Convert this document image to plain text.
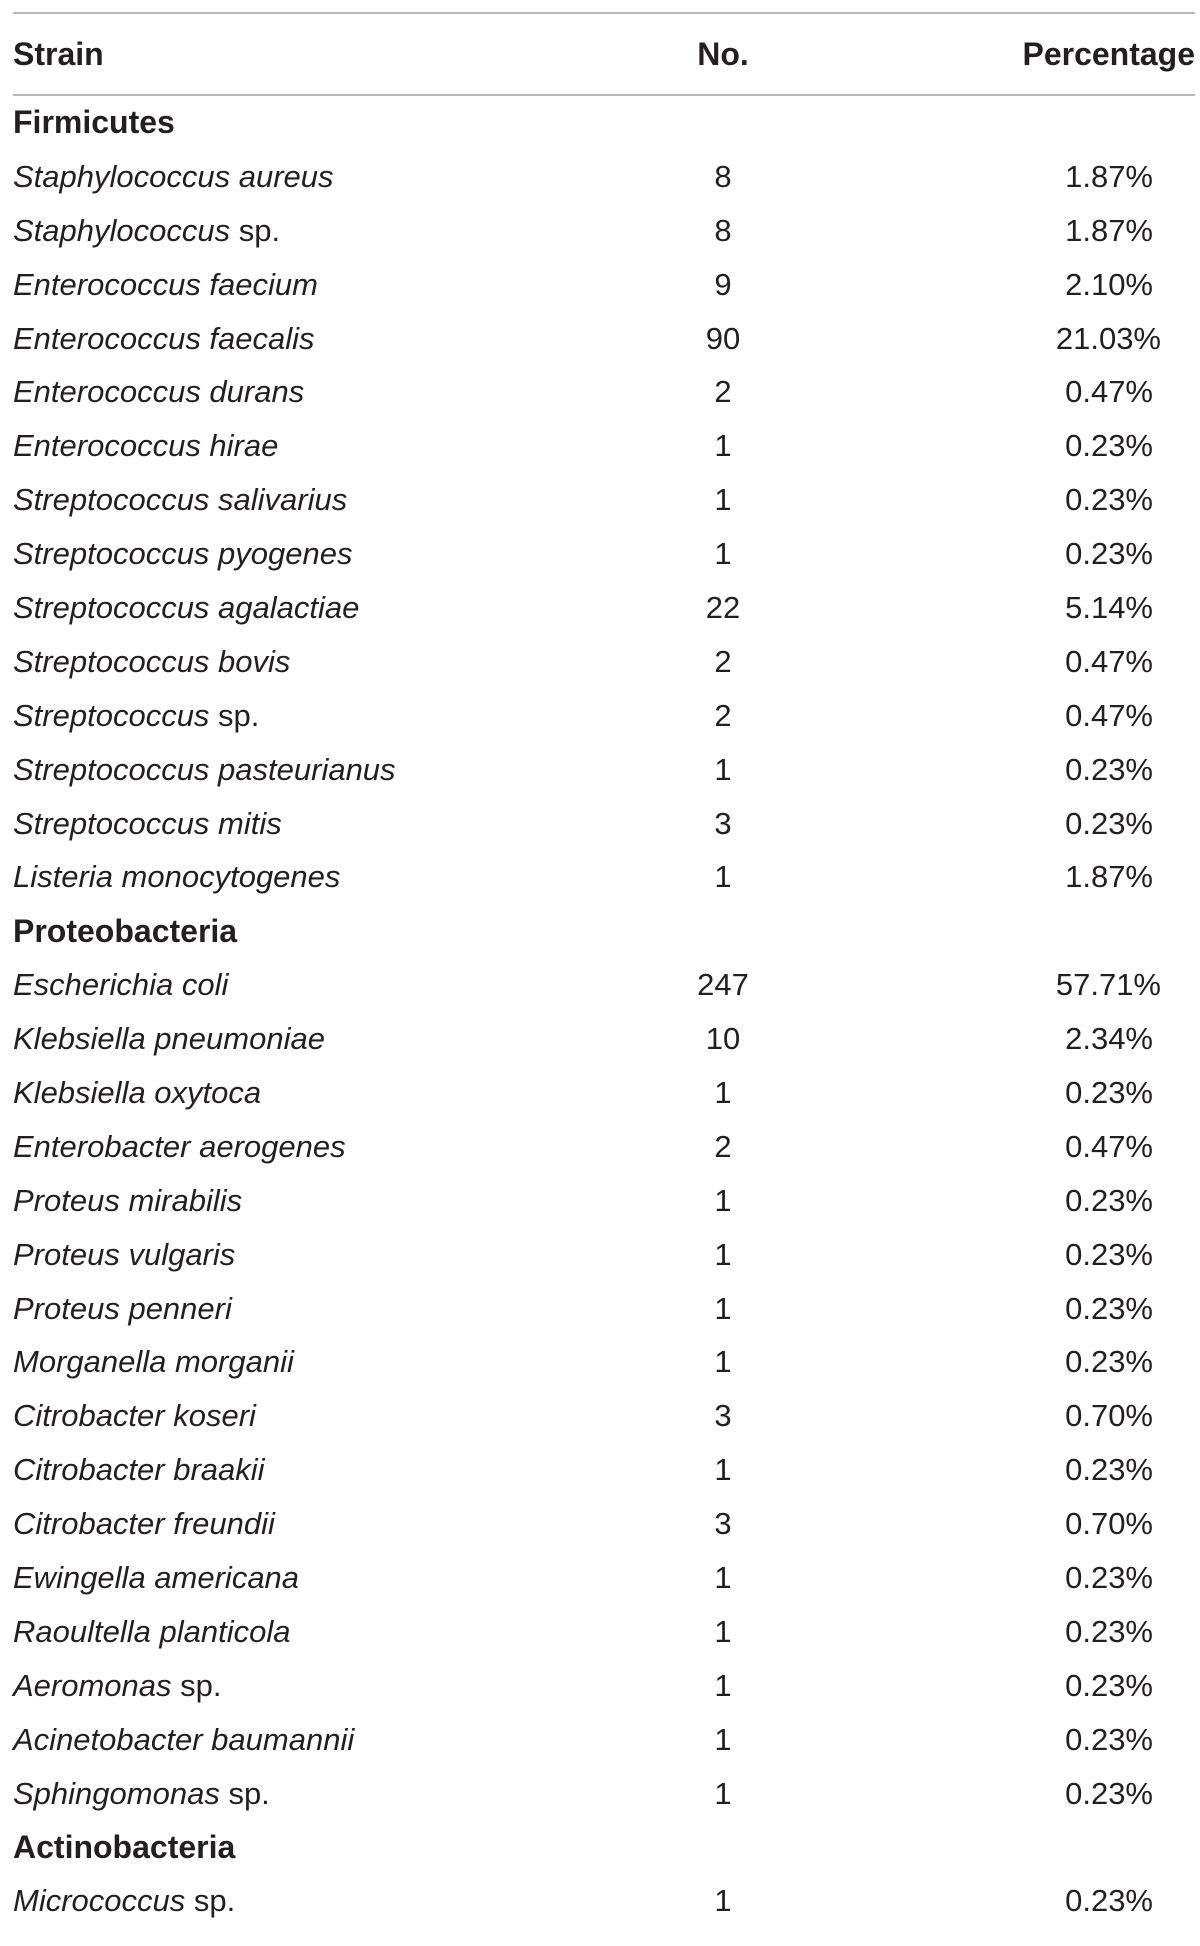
Strain	No.	Percentage
Firmicutes		
Staphylococcus aureus	8	1.87%
Staphylococcus sp.	8	1.87%
Enterococcus faecium	9	2.10%
Enterococcus faecalis	90	21.03%
Enterococcus durans	2	0.47%
Enterococcus hirae	1	0.23%
Streptococcus salivarius	1	0.23%
Streptococcus pyogenes	1	0.23%
Streptococcus agalactiae	22	5.14%
Streptococcus bovis	2	0.47%
Streptococcus sp.	2	0.47%
Streptococcus pasteurianus	1	0.23%
Streptococcus mitis	3	0.23%
Listeria monocytogenes	1	1.87%
Proteobacteria		
Escherichia coli	247	57.71%
Klebsiella pneumoniae	10	2.34%
Klebsiella oxytoca	1	0.23%
Enterobacter aerogenes	2	0.47%
Proteus mirabilis	1	0.23%
Proteus vulgaris	1	0.23%
Proteus penneri	1	0.23%
Morganella morganii	1	0.23%
Citrobacter koseri	3	0.70%
Citrobacter braakii	1	0.23%
Citrobacter freundii	3	0.70%
Ewingella americana	1	0.23%
Raoultella planticola	1	0.23%
Aeromonas sp.	1	0.23%
Acinetobacter baumannii	1	0.23%
Sphingomonas sp.	1	0.23%
Actinobacteria		
Micrococcus sp.	1	0.23%
